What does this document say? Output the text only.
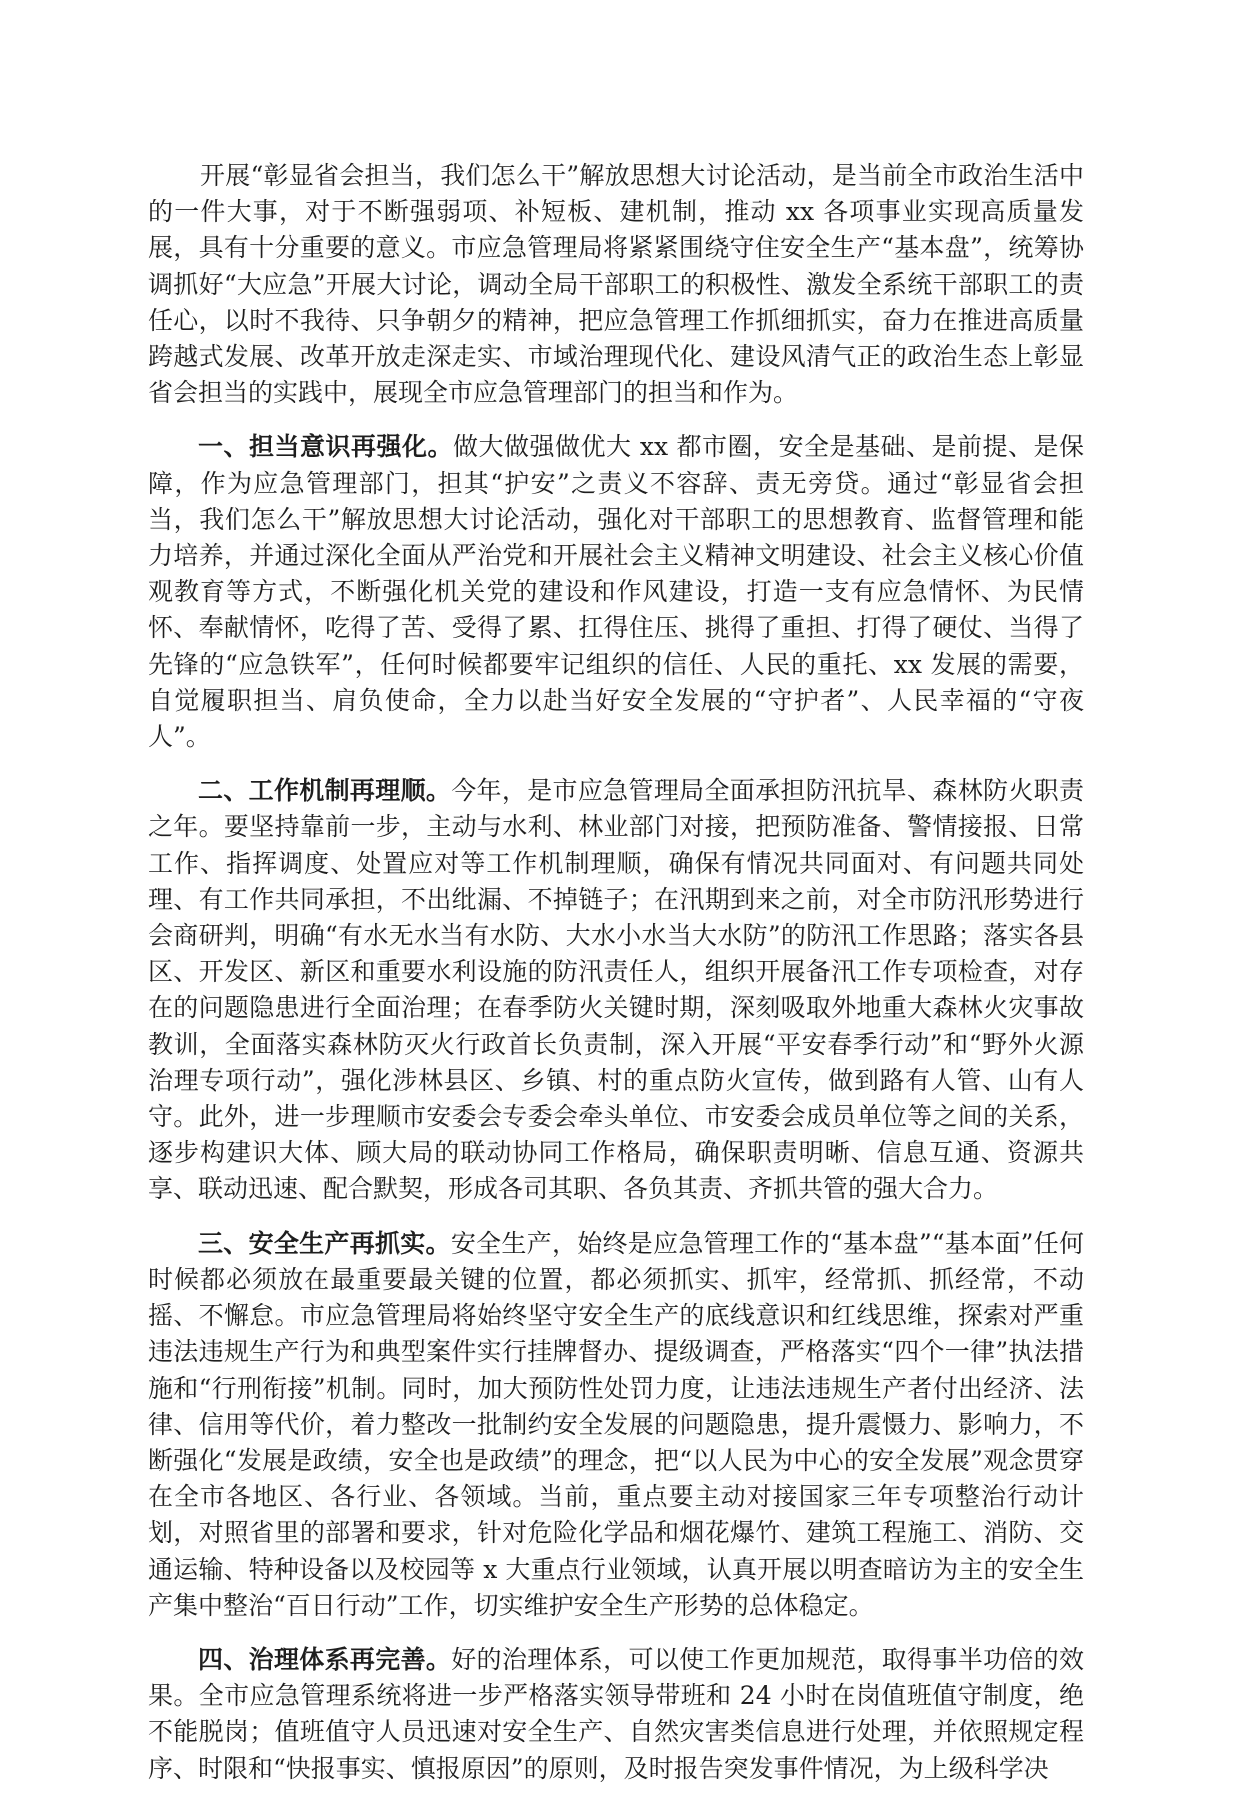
开展“彰显省会担当，我们怎么干”解放思想大讨论活动，是当前全市政治生活中的一件大事，对于不断强弱项、补短板、建机制，推动 xx 各项事业实现高质量发展，具有十分重要的意义。市应急管理局将紧紧围绕守住安全生产“基本盘”，统筹协调抓好“大应急”开展大讨论，调动全局干部职工的积极性、激发全系统干部职工的责任心，以时不我待、只争朝夕的精神，把应急管理工作抓细抓实，奋力在推进高质量跨越式发展、改革开放走深走实、市域治理现代化、建设风清气正的政治生态上彰显省会担当的实践中，展现全市应急管理部门的担当和作为。

一、担当意识再强化。做大做强做优大 xx 都市圈，安全是基础、是前提、是保障，作为应急管理部门，担其“护安”之责义不容辞、责无旁贷。通过“彰显省会担当，我们怎么干”解放思想大讨论活动，强化对干部职工的思想教育、监督管理和能力培养，并通过深化全面从严治党和开展社会主义精神文明建设、社会主义核心价值观教育等方式，不断强化机关党的建设和作风建设，打造一支有应急情怀、为民情怀、奉献情怀，吃得了苦、受得了累、扛得住压、挑得了重担、打得了硬仗、当得了先锋的“应急铁军”，任何时候都要牢记组织的信任、人民的重托、xx 发展的需要，自觉履职担当、肩负使命，全力以赴当好安全发展的“守护者”、人民幸福的“守夜人”。

二、工作机制再理顺。今年，是市应急管理局全面承担防汛抗旱、森林防火职责之年。要坚持靠前一步，主动与水利、林业部门对接，把预防准备、警情接报、日常工作、指挥调度、处置应对等工作机制理顺，确保有情况共同面对、有问题共同处理、有工作共同承担，不出纰漏、不掉链子；在汛期到来之前，对全市防汛形势进行会商研判，明确“有水无水当有水防、大水小水当大水防”的防汛工作思路；落实各县区、开发区、新区和重要水利设施的防汛责任人，组织开展备汛工作专项检查，对存在的问题隐患进行全面治理；在春季防火关键时期，深刻吸取外地重大森林火灾事故教训，全面落实森林防灭火行政首长负责制，深入开展“平安春季行动”和“野外火源治理专项行动”，强化涉林县区、乡镇、村的重点防火宣传，做到路有人管、山有人守。此外，进一步理顺市安委会专委会牵头单位、市安委会成员单位等之间的关系，逐步构建识大体、顾大局的联动协同工作格局，确保职责明晰、信息互通、资源共享、联动迅速、配合默契，形成各司其职、各负其责、齐抓共管的强大合力。

三、安全生产再抓实。安全生产，始终是应急管理工作的“基本盘”“基本面”任何时候都必须放在最重要最关键的位置，都必须抓实、抓牢，经常抓、抓经常，不动摇、不懈怠。市应急管理局将始终坚守安全生产的底线意识和红线思维，探索对严重违法违规生产行为和典型案件实行挂牌督办、提级调查，严格落实“四个一律”执法措施和“行刑衔接”机制。同时，加大预防性处罚力度，让违法违规生产者付出经济、法律、信用等代价，着力整改一批制约安全发展的问题隐患，提升震慑力、影响力，不断强化“发展是政绩，安全也是政绩”的理念，把“以人民为中心的安全发展”观念贯穿在全市各地区、各行业、各领域。当前，重点要主动对接国家三年专项整治行动计划，对照省里的部署和要求，针对危险化学品和烟花爆竹、建筑工程施工、消防、交通运输、特种设备以及校园等 x 大重点行业领域，认真开展以明查暗访为主的安全生产集中整治“百日行动”工作，切实维护安全生产形势的总体稳定。

四、治理体系再完善。好的治理体系，可以使工作更加规范，取得事半功倍的效果。全市应急管理系统将进一步严格落实领导带班和 24 小时在岗值班值守制度，绝不能脱岗；值班值守人员迅速对安全生产、自然灾害类信息进行处理，并依照规定程序、时限和“快报事实、慎报原因”的原则，及时报告突发事件情况，为上级科学决
